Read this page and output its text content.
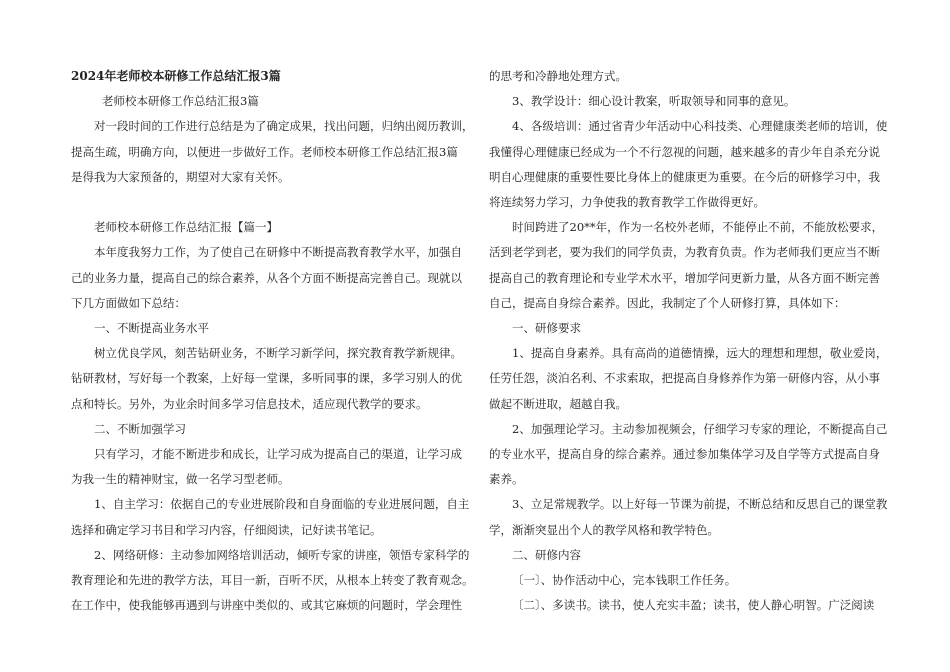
2024年老师校本研修工作总结汇报3篇
老师校本研修工作总结汇报3篇
对一段时间的工作进行总结是为了确定成果，找出问题，归纳出阅历教训，
提高生疏，明确方向，以便进一步做好工作。老师校本研修工作总结汇报3篇
是得我为大家预备的，期望对大家有关怀。
老师校本研修工作总结汇报【篇一】
本年度我努力工作，为了使自己在研修中不断提高教育教学水平，加强自
己的业务力量，提高自己的综合素养，从各个方面不断提高完善自己。现就以
下几方面做如下总结：
一、不断提高业务水平
树立优良学风，刻苦钻研业务，不断学习新学问，探究教育教学新规律。
钻研教材，写好每一个教案，上好每一堂课，多听同事的课，多学习别人的优
点和特长。另外，为业余时间多学习信息技术，适应现代教学的要求。
二、不断加强学习
只有学习，才能不断进步和成长，让学习成为提高自己的渠道，让学习成
为我一生的精神财宝，做一名学习型老师。
1、自主学习：依据自己的专业进展阶段和自身面临的专业进展问题，自主
选择和确定学习书目和学习内容，仔细阅读，记好读书笔记。
2、网络研修：主动参加网络培训活动，倾听专家的讲座，领悟专家科学的
教育理论和先进的教学方法，耳目一新，百听不厌，从根本上转变了教育观念。
在工作中，使我能够再遇到与讲座中类似的、或其它麻烦的问题时，学会理性
的思考和冷静地处理方式。
3、教学设计：细心设计教案，听取领导和同事的意见。
4、各级培训：通过省青少年活动中心科技类、心理健康类老师的培训，使
我懂得心理健康已经成为一个不行忽视的问题，越来越多的青少年自杀充分说
明自心理健康的重要性要比身体上的健康更为重要。在今后的研修学习中，我
将连续努力学习，力争使我的教育教学工作做得更好。
时间跨进了20**年，作为一名校外老师，不能停止不前，不能放松要求，
活到老学到老，要为我们的同学负责，为教育负责。作为老师我们更应当不断
提高自己的教育理论和专业学术水平，增加学问更新力量，从各方面不断完善
自己，提高自身综合素养。因此，我制定了个人研修打算，具体如下：
一、研修要求
1、提高自身素养。具有高尚的道德情操，远大的理想和理想，敬业爱岗，
任劳任怨，淡泊名利、不求索取，把提高自身修养作为第一研修内容，从小事
做起不断进取，超越自我。
2、加强理论学习。主动参加视频会，仔细学习专家的理论，不断提高自己
的专业水平，提高自身的综合素养。通过参加集体学习及自学等方式提高自身
素养。
3、立足常规教学。以上好每一节课为前提，不断总结和反思自己的课堂教
学，渐渐突显出个人的教学风格和教学特色。
二、研修内容
〔一〕、协作活动中心，完本钱职工作任务。
〔二〕、多读书。读书，使人充实丰盈；读书，使人静心明智。广泛阅读
